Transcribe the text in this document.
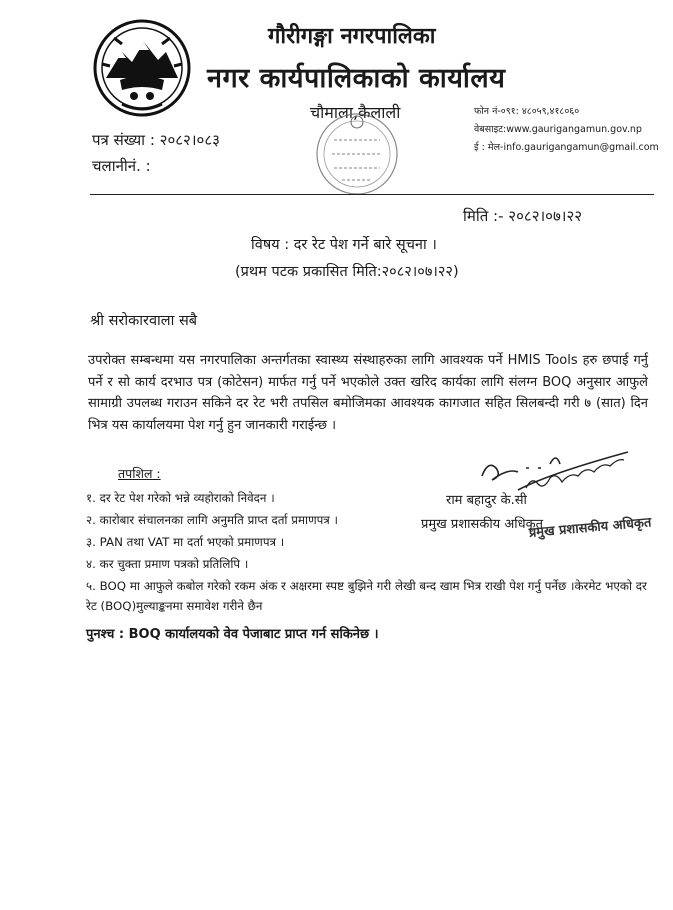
गौरीगङ्गा नगरपालिका
नगर कार्यपालिकाको कार्यालय
चौमाला,कैलाली	फोन नं-०९१: ४८०५९,४१८०६०
वेबसाइट:www.gaurigangamun.gov.np
ई : मेल-info.gaurigangamun@gmail.com
पत्र संख्या : २०८२।०८३
चलानीनं. :
मिति :- २०८२।०७।२२
विषय : दर रेट पेश गर्ने बारे सूचना ।
(प्रथम पटक प्रकासित मिति:२०८२।०७।२२)
श्री सरोकारवाला सबै
उपरोक्त सम्बन्धमा यस नगरपालिका अन्तर्गतका स्वास्थ्य संस्थाहरुका लागि आवश्यक पर्ने HMIS Tools हरु छपाई गर्नु पर्ने र सो कार्य दरभाउ पत्र (कोटेसन) मार्फत गर्नु पर्ने भएकोले उक्त खरिद कार्यका लागि संलग्न BOQ अनुसार आफुले सामाग्री उपलब्ध गराउन सकिने दर रेट भरी तपसिल बमोजिमका आवश्यक कागजात सहित सिलबन्दी गरी ७ (सात) दिन भित्र यस कार्यालयमा पेश गर्नु हुन जानकारी गराईन्छ ।
तपशिल :
१. दर रेट पेश गरेको भन्ने व्यहोराको निवेदन ।
२. कारोबार संचालनका लागि अनुमति प्राप्त दर्ता प्रमाणपत्र ।
३. PAN तथा VAT मा दर्ता भएको प्रमाणपत्र ।
४. कर चुक्ता प्रमाण पत्रको प्रतिलिपि ।
५. BOQ मा आफुले कबोल गरेको रकम अंक र अक्षरमा स्पष्ट बुझिने गरी लेखी बन्द खाम भित्र राखी पेश गर्नु पर्नेछ ।केरमेट भएको दर रेट (BOQ)मुल्याङ्कनमा समावेश गरीने छैन
राम बहादुर के.सी
प्रमुख प्रशासकीय अधिकृत
प्रमुख प्रशासकीय अधिकृत
पुनश्च : BOQ कार्यालयको वेव पेजाबाट प्राप्त गर्न सकिनेछ ।
